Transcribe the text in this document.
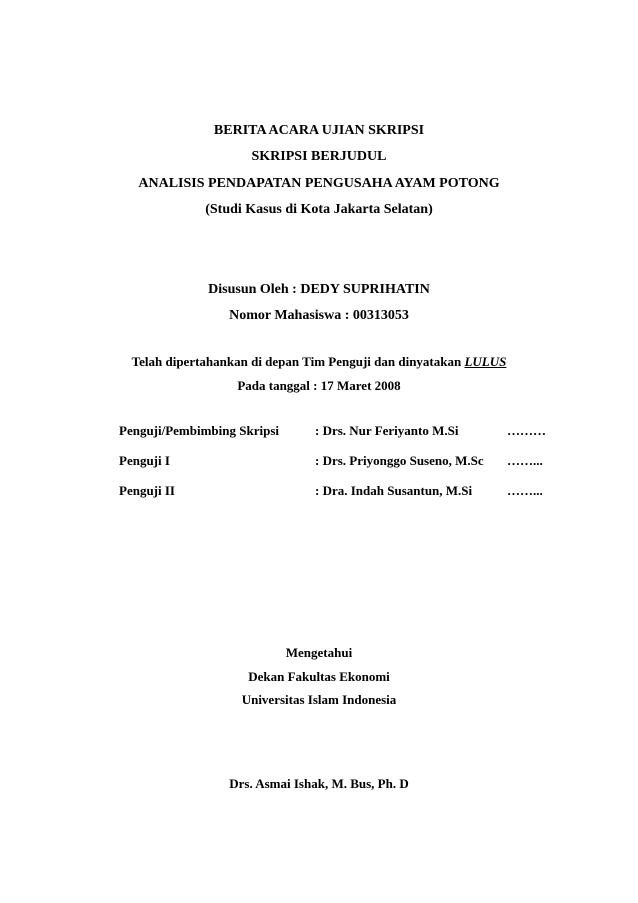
BERITA ACARA UJIAN SKRIPSI
SKRIPSI BERJUDUL
ANALISIS PENDAPATAN PENGUSAHA AYAM POTONG
(Studi Kasus di Kota Jakarta Selatan)
Disusun Oleh : DEDY SUPRIHATIN
Nomor Mahasiswa : 00313053
Telah dipertahankan di depan Tim Penguji dan dinyatakan LULUS
Pada tanggal : 17 Maret 2008
Penguji/Pembimbing Skripsi	: Drs. Nur Feriyanto M.Si	………
Penguji I	: Drs. Priyonggo Suseno, M.Sc ……...
Penguji II	: Dra. Indah Susantun, M.Si	……...
Mengetahui
Dekan Fakultas Ekonomi
Universitas Islam Indonesia
Drs. Asmai Ishak, M. Bus, Ph. D
